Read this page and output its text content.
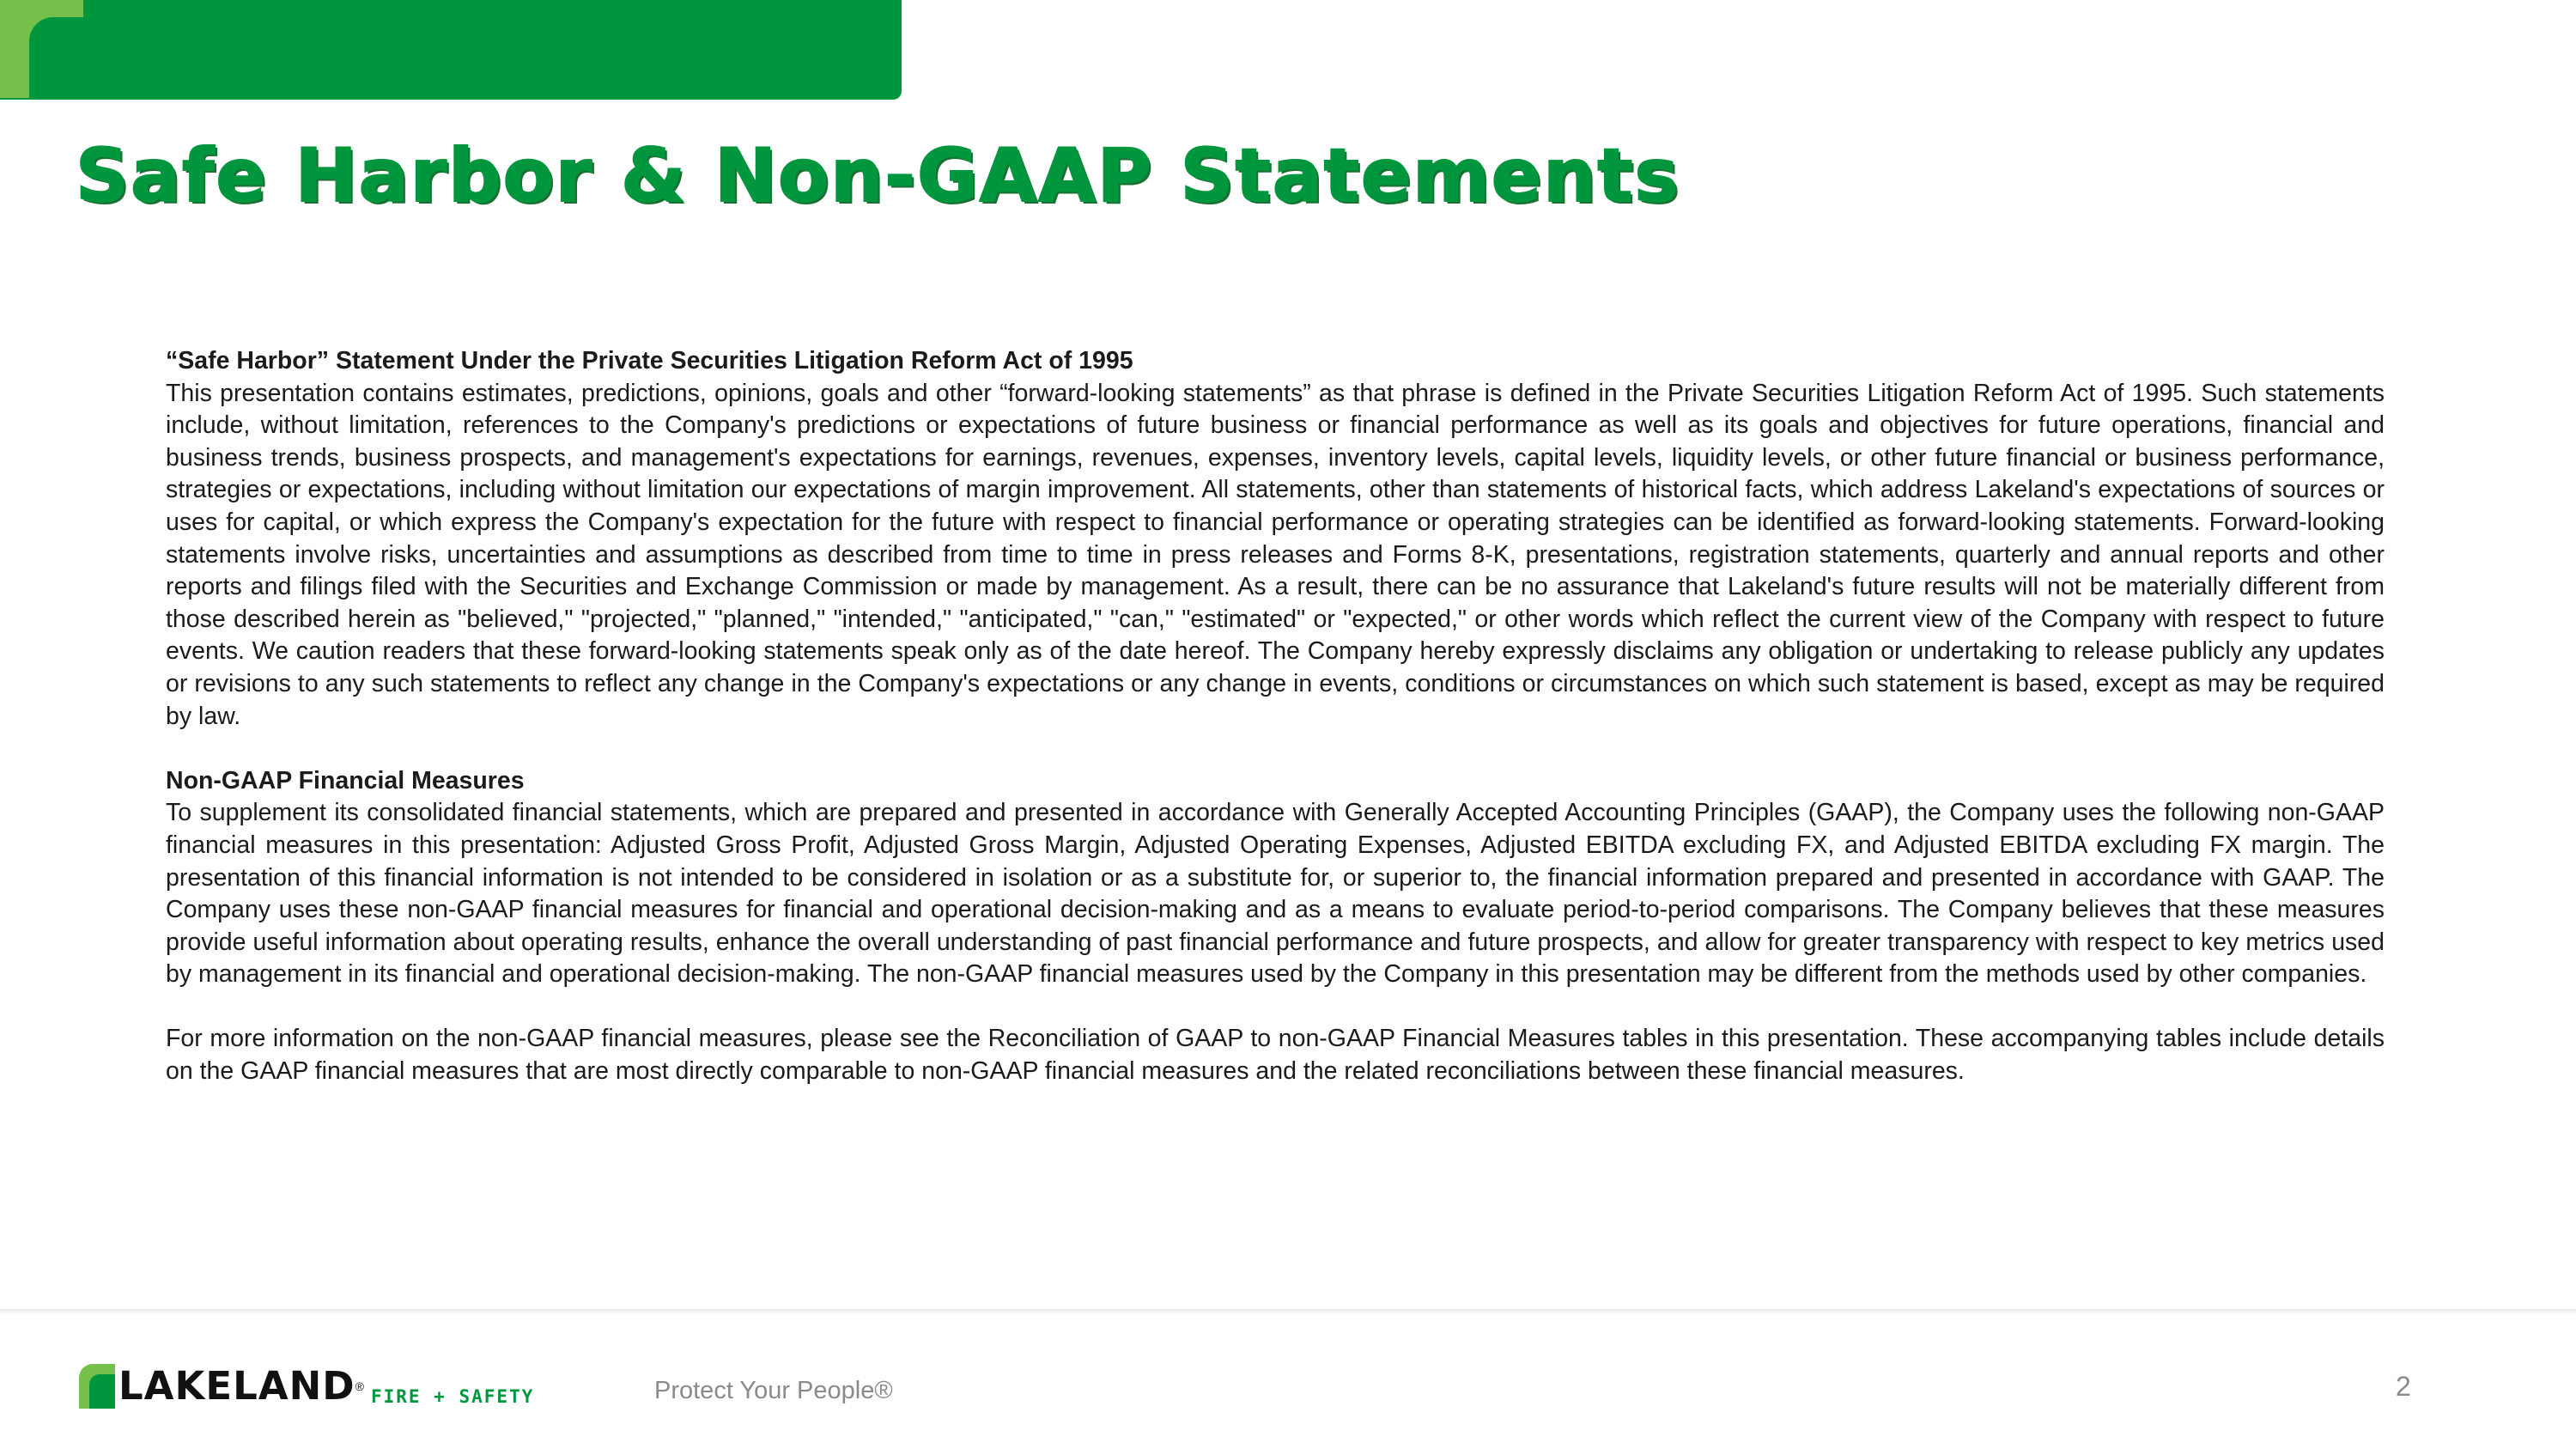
Safe Harbor & Non-GAAP Statements

“Safe Harbor” Statement Under the Private Securities Litigation Reform Act of 1995

This presentation contains estimates, predictions, opinions, goals and other “forward-looking statements” as that phrase is defined in the Private Securities Litigation Reform Act of 1995. Such statements include, without limitation, references to the Company's predictions or expectations of future business or financial performance as well as its goals and objectives for future operations, financial and business trends, business prospects, and management's expectations for earnings, revenues, expenses, inventory levels, capital levels, liquidity levels, or other future financial or business performance, strategies or expectations, including without limitation our expectations of margin improvement. All statements, other than statements of historical facts, which address Lakeland's expectations of sources or uses for capital, or which express the Company's expectation for the future with respect to financial performance or operating strategies can be identified as forward-looking statements. Forward-looking statements involve risks, uncertainties and assumptions as described from time to time in press releases and Forms 8-K, presentations, registration statements, quarterly and annual reports and other reports and filings filed with the Securities and Exchange Commission or made by management. As a result, there can be no assurance that Lakeland's future results will not be materially different from those described herein as "believed," "projected," "planned," "intended," "anticipated," "can," "estimated" or "expected," or other words which reflect the current view of the Company with respect to future events. We caution readers that these forward-looking statements speak only as of the date hereof. The Company hereby expressly disclaims any obligation or undertaking to release publicly any updates or revisions to any such statements to reflect any change in the Company's expectations or any change in events, conditions or circumstances on which such statement is based, except as may be required by law.

Non-GAAP Financial Measures

To supplement its consolidated financial statements, which are prepared and presented in accordance with Generally Accepted Accounting Principles (GAAP), the Company uses the following non-GAAP financial measures in this presentation: Adjusted Gross Profit, Adjusted Gross Margin, Adjusted Operating Expenses, Adjusted EBITDA excluding FX, and Adjusted EBITDA excluding FX margin. The presentation of this financial information is not intended to be considered in isolation or as a substitute for, or superior to, the financial information prepared and presented in accordance with GAAP. The Company uses these non-GAAP financial measures for financial and operational decision-making and as a means to evaluate period-to-period comparisons. The Company believes that these measures provide useful information about operating results, enhance the overall understanding of past financial performance and future prospects, and allow for greater transparency with respect to key metrics used by management in its financial and operational decision-making. The non-GAAP financial measures used by the Company in this presentation may be different from the methods used by other companies.

For more information on the non-GAAP financial measures, please see the Reconciliation of GAAP to non-GAAP Financial Measures tables in this presentation. These accompanying tables include details on the GAAP financial measures that are most directly comparable to non-GAAP financial measures and the related reconciliations between these financial measures.

LAKELAND ® FIRE + SAFETY	Protect Your People®	2
